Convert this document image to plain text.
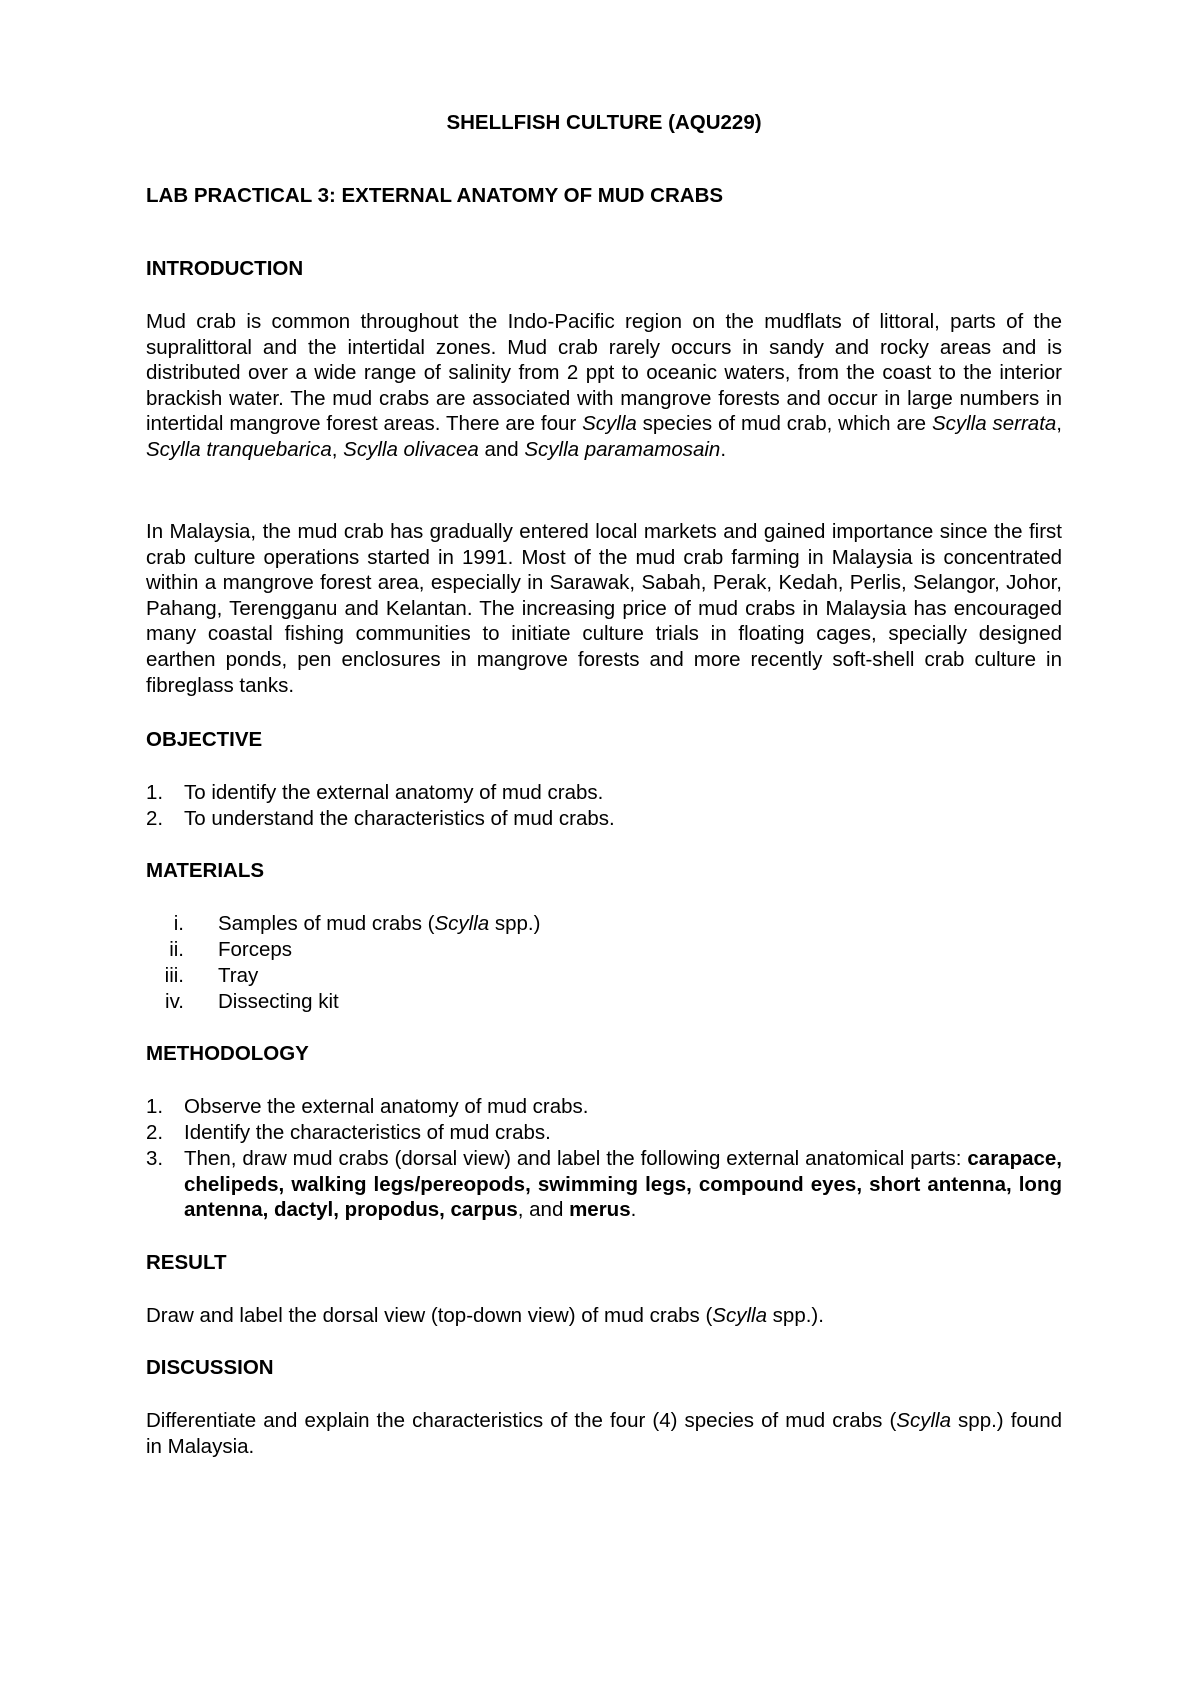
SHELLFISH CULTURE (AQU229)
LAB PRACTICAL 3: EXTERNAL ANATOMY OF MUD CRABS
INTRODUCTION
Mud crab is common throughout the Indo-Pacific region on the mudflats of littoral, parts of the supralittoral and the intertidal zones. Mud crab rarely occurs in sandy and rocky areas and is distributed over a wide range of salinity from 2 ppt to oceanic waters, from the coast to the interior brackish water. The mud crabs are associated with mangrove forests and occur in large numbers in intertidal mangrove forest areas. There are four Scylla species of mud crab, which are Scylla serrata, Scylla tranquebarica, Scylla olivacea and Scylla paramamosain.
In Malaysia, the mud crab has gradually entered local markets and gained importance since the first crab culture operations started in 1991. Most of the mud crab farming in Malaysia is concentrated within a mangrove forest area, especially in Sarawak, Sabah, Perak, Kedah, Perlis, Selangor, Johor, Pahang, Terengganu and Kelantan. The increasing price of mud crabs in Malaysia has encouraged many coastal fishing communities to initiate culture trials in floating cages, specially designed earthen ponds, pen enclosures in mangrove forests and more recently soft-shell crab culture in fibreglass tanks.
OBJECTIVE
1.	To identify the external anatomy of mud crabs.
2.	To understand the characteristics of mud crabs.
MATERIALS
i. Samples of mud crabs (Scylla spp.)
ii. Forceps
iii. Tray
iv. Dissecting kit
METHODOLOGY
1.	Observe the external anatomy of mud crabs.
2.	Identify the characteristics of mud crabs.
3.	Then, draw mud crabs (dorsal view) and label the following external anatomical parts: carapace, chelipeds, walking legs/pereopods, swimming legs, compound eyes, short antenna, long antenna, dactyl, propodus, carpus, and merus.
RESULT
Draw and label the dorsal view (top-down view) of mud crabs (Scylla spp.).
DISCUSSION
Differentiate and explain the characteristics of the four (4) species of mud crabs (Scylla spp.) found in Malaysia.
